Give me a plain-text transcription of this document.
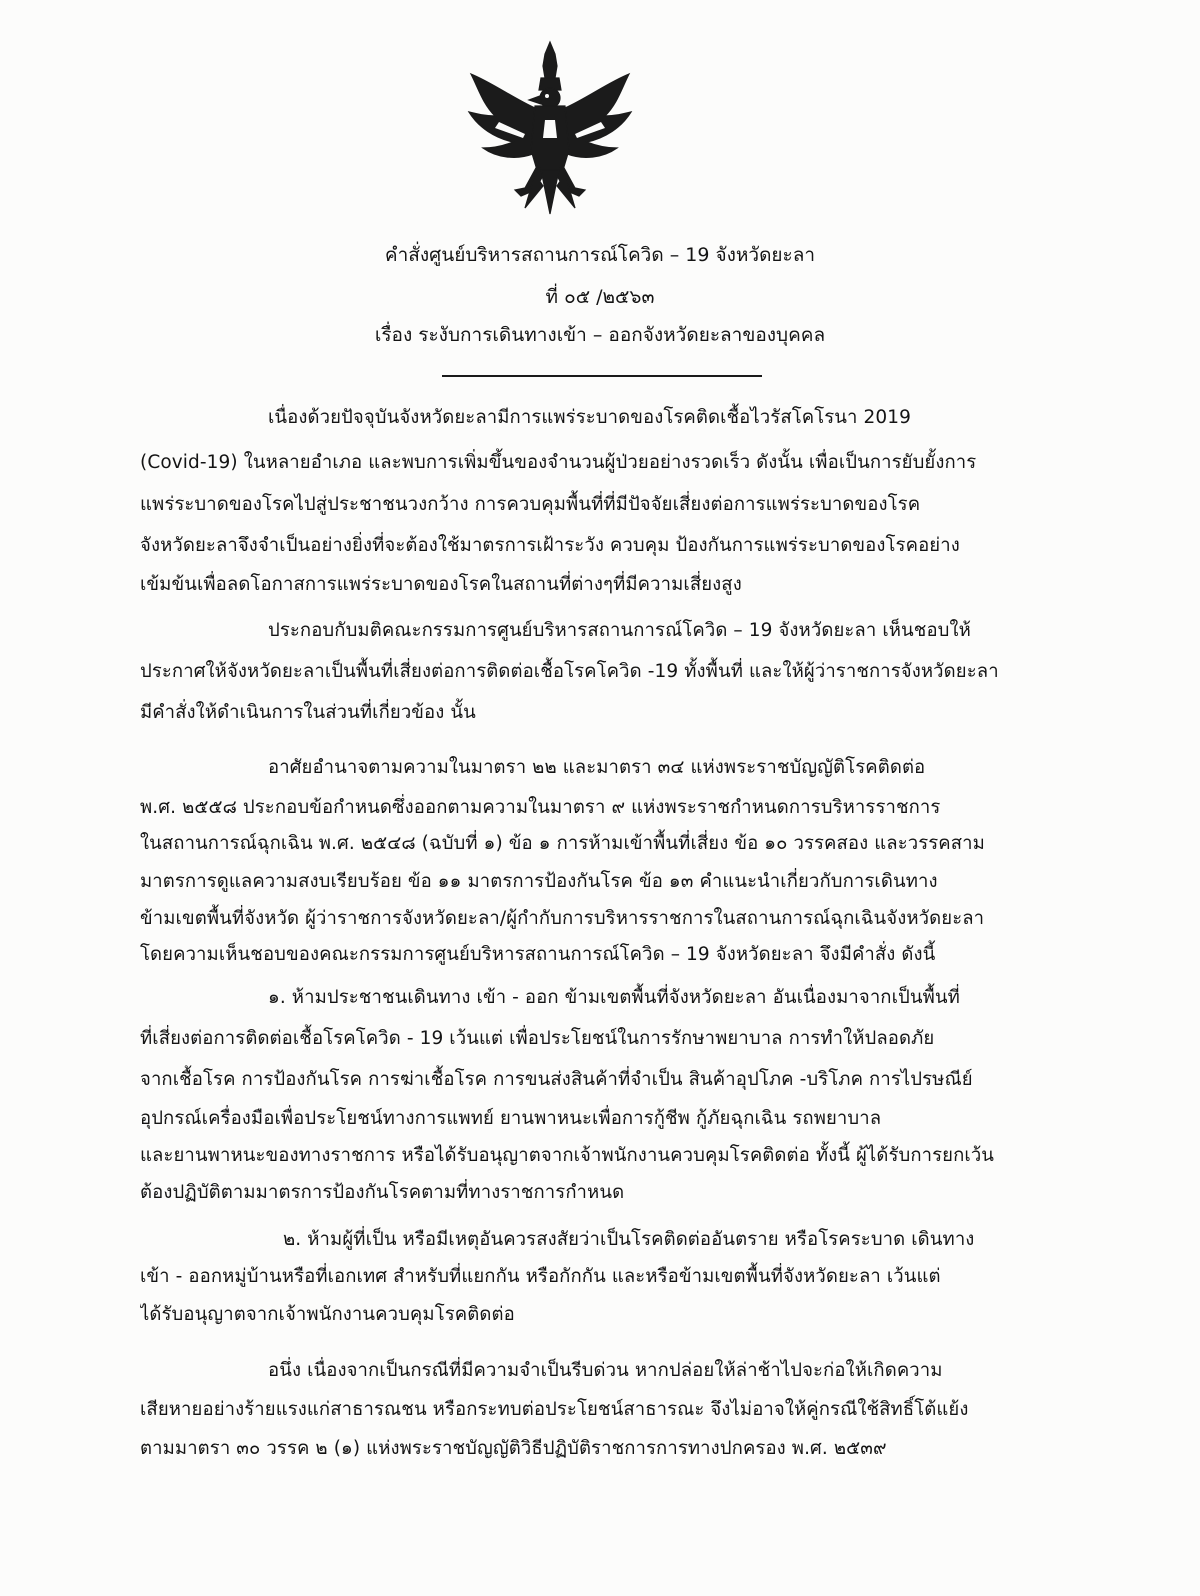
คำสั่งศูนย์บริหารสถานการณ์โควิด – 19 จังหวัดยะลา
ที่ ๐๕ /๒๕๖๓
เรื่อง ระงับการเดินทางเข้า – ออกจังหวัดยะลาของบุคคล
เนื่องด้วยปัจจุบันจังหวัดยะลามีการแพร่ระบาดของโรคติดเชื้อไวรัสโคโรนา 2019
(Covid-19) ในหลายอำเภอ และพบการเพิ่มขึ้นของจำนวนผู้ป่วยอย่างรวดเร็ว ดังนั้น เพื่อเป็นการยับยั้งการ
แพร่ระบาดของโรคไปสู่ประชาชนวงกว้าง การควบคุมพื้นที่ที่มีปัจจัยเสี่ยงต่อการแพร่ระบาดของโรค
จังหวัดยะลาจึงจำเป็นอย่างยิ่งที่จะต้องใช้มาตรการเฝ้าระวัง ควบคุม ป้องกันการแพร่ระบาดของโรคอย่าง
เข้มข้นเพื่อลดโอกาสการแพร่ระบาดของโรคในสถานที่ต่างๆที่มีความเสี่ยงสูง
ประกอบกับมติคณะกรรมการศูนย์บริหารสถานการณ์โควิด – 19 จังหวัดยะลา เห็นชอบให้
ประกาศให้จังหวัดยะลาเป็นพื้นที่เสี่ยงต่อการติดต่อเชื้อโรคโควิด -19 ทั้งพื้นที่ และให้ผู้ว่าราชการจังหวัดยะลา
มีคำสั่งให้ดำเนินการในส่วนที่เกี่ยวข้อง นั้น
อาศัยอำนาจตามความในมาตรา ๒๒ และมาตรา ๓๔ แห่งพระราชบัญญัติโรคติดต่อ
พ.ศ. ๒๕๕๘ ประกอบข้อกำหนดซึ่งออกตามความในมาตรา ๙ แห่งพระราชกำหนดการบริหารราชการ
ในสถานการณ์ฉุกเฉิน พ.ศ. ๒๕๔๘ (ฉบับที่ ๑) ข้อ ๑ การห้ามเข้าพื้นที่เสี่ยง ข้อ ๑๐ วรรคสอง และวรรคสาม
มาตรการดูแลความสงบเรียบร้อย ข้อ ๑๑ มาตรการป้องกันโรค ข้อ ๑๓ คำแนะนำเกี่ยวกับการเดินทาง
ข้ามเขตพื้นที่จังหวัด ผู้ว่าราชการจังหวัดยะลา/ผู้กำกับการบริหารราชการในสถานการณ์ฉุกเฉินจังหวัดยะลา
โดยความเห็นชอบของคณะกรรมการศูนย์บริหารสถานการณ์โควิด – 19 จังหวัดยะลา จึงมีคำสั่ง ดังนี้
๑. ห้ามประชาชนเดินทาง เข้า - ออก ข้ามเขตพื้นที่จังหวัดยะลา อันเนื่องมาจากเป็นพื้นที่
ที่เสี่ยงต่อการติดต่อเชื้อโรคโควิด - 19 เว้นแต่ เพื่อประโยชน์ในการรักษาพยาบาล การทำให้ปลอดภัย
จากเชื้อโรค การป้องกันโรค การฆ่าเชื้อโรค การขนส่งสินค้าที่จำเป็น สินค้าอุปโภค -บริโภค การไปรษณีย์
อุปกรณ์เครื่องมือเพื่อประโยชน์ทางการแพทย์ ยานพาหนะเพื่อการกู้ชีพ กู้ภัยฉุกเฉิน รถพยาบาล
และยานพาหนะของทางราชการ หรือได้รับอนุญาตจากเจ้าพนักงานควบคุมโรคติดต่อ ทั้งนี้ ผู้ได้รับการยกเว้น
ต้องปฏิบัติตามมาตรการป้องกันโรคตามที่ทางราชการกำหนด
๒. ห้ามผู้ที่เป็น หรือมีเหตุอันควรสงสัยว่าเป็นโรคติดต่ออันตราย หรือโรคระบาด เดินทาง
เข้า - ออกหมู่บ้านหรือที่เอกเทศ สำหรับที่แยกกัน หรือกักกัน และหรือข้ามเขตพื้นที่จังหวัดยะลา เว้นแต่
ได้รับอนุญาตจากเจ้าพนักงานควบคุมโรคติดต่อ
อนึ่ง เนื่องจากเป็นกรณีที่มีความจำเป็นรีบด่วน หากปล่อยให้ล่าช้าไปจะก่อให้เกิดความ
เสียหายอย่างร้ายแรงแก่สาธารณชน หรือกระทบต่อประโยชน์สาธารณะ จึงไม่อาจให้คู่กรณีใช้สิทธิ์โต้แย้ง
ตามมาตรา ๓๐ วรรค ๒ (๑) แห่งพระราชบัญญัติวิธีปฏิบัติราชการการทางปกครอง พ.ศ. ๒๕๓๙
